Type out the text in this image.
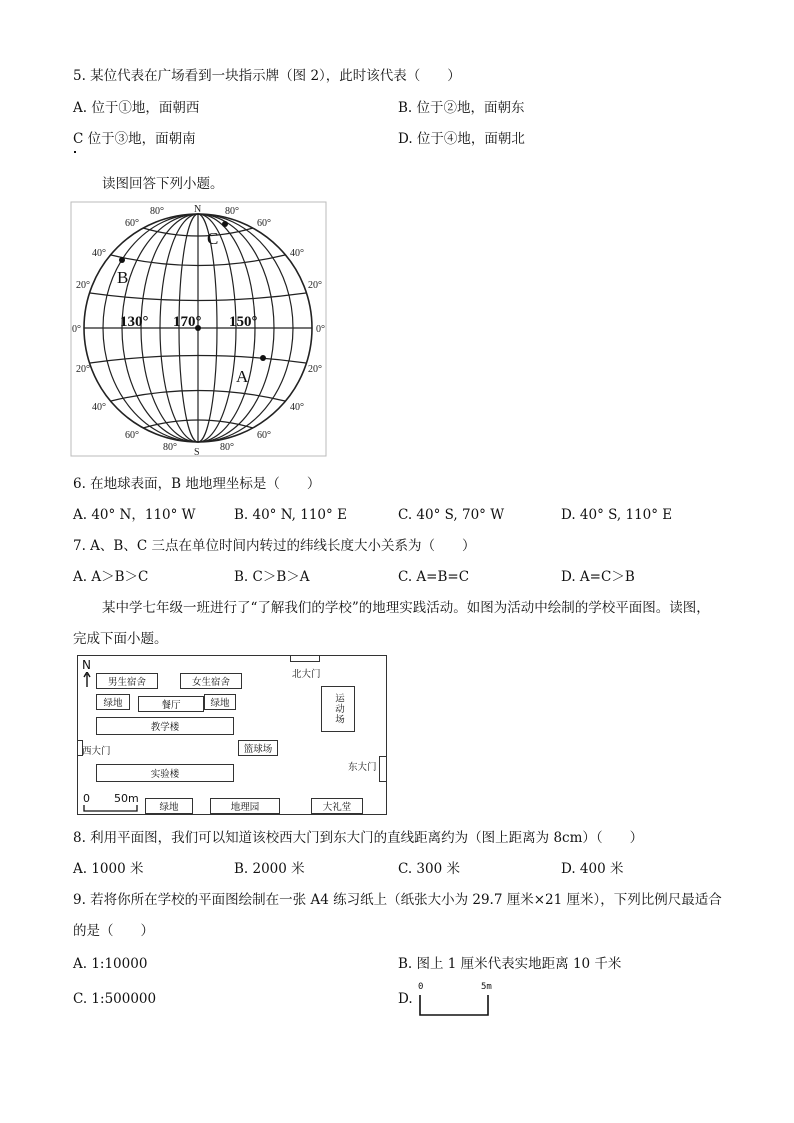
5. 某位代表在广场看到一块指示牌（图 2），此时该代表（　　）
A. 位于①地，面朝西	B. 位于②地，面朝东
C 位于③地，面朝南	D. 位于④地，面朝北
读图回答下列小题。
N
S
80°	80°
60°	60°
40°	40°
20°	20°
0°	0°
20°	20°
40°	40°
60°	60°
80°	80°
130° 170° 150°
A
B
C
6. 在地球表面，B 地地理坐标是（　　）
A. 40° N，110° W	B. 40° N, 110° E	C. 40° S, 70° W	D. 40° S, 110° E
7. A、B、C 三点在单位时间内转过的纬线长度大小关系为（　　）
A. A＞B＞C	B. C＞B＞A	C. A=B=C	D. A=C＞B
某中学七年级一班进行了“了解我们的学校”的地理实践活动。如图为活动中绘制的学校平面图。读图，
完成下面小题。
N
男生宿舍	女生宿舍
绿地	餐厅	绿地
教学楼
北大门
运动场
西大门	篮球场
东大门
实验楼
0 50m
绿地	地理园	大礼堂
8. 利用平面图，我们可以知道该校西大门到东大门的直线距离约为（图上距离为 8cm）（　　）
A. 1000 米	B. 2000 米	C. 300 米	D. 400 米
9. 若将你所在学校的平面图绘制在一张 A4 练习纸上（纸张大小为 29.7 厘米×21 厘米），下列比例尺最适合
的是（　　）
A. 1:10000	B. 图上 1 厘米代表实地距离 10 千米
C. 1:500000	D.
0	5m
